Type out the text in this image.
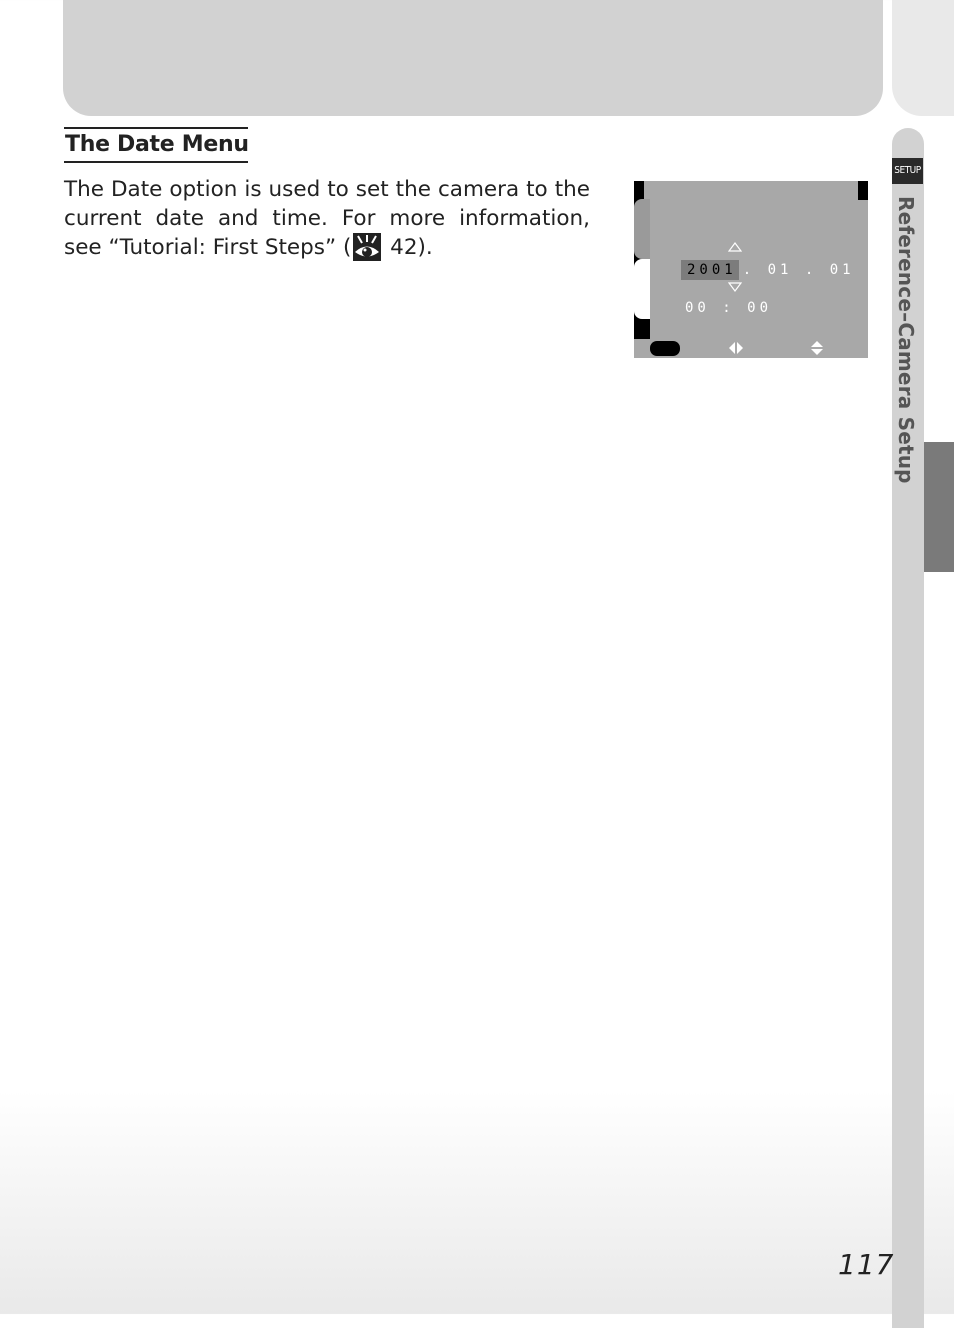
SETUP
Reference–Camera Setup
The Date Menu
The Date option is used to set the camera to the current date and time. For more information, see “Tutorial: First Steps” (
42).
2001 . 01 . 01
00 : 00
117
